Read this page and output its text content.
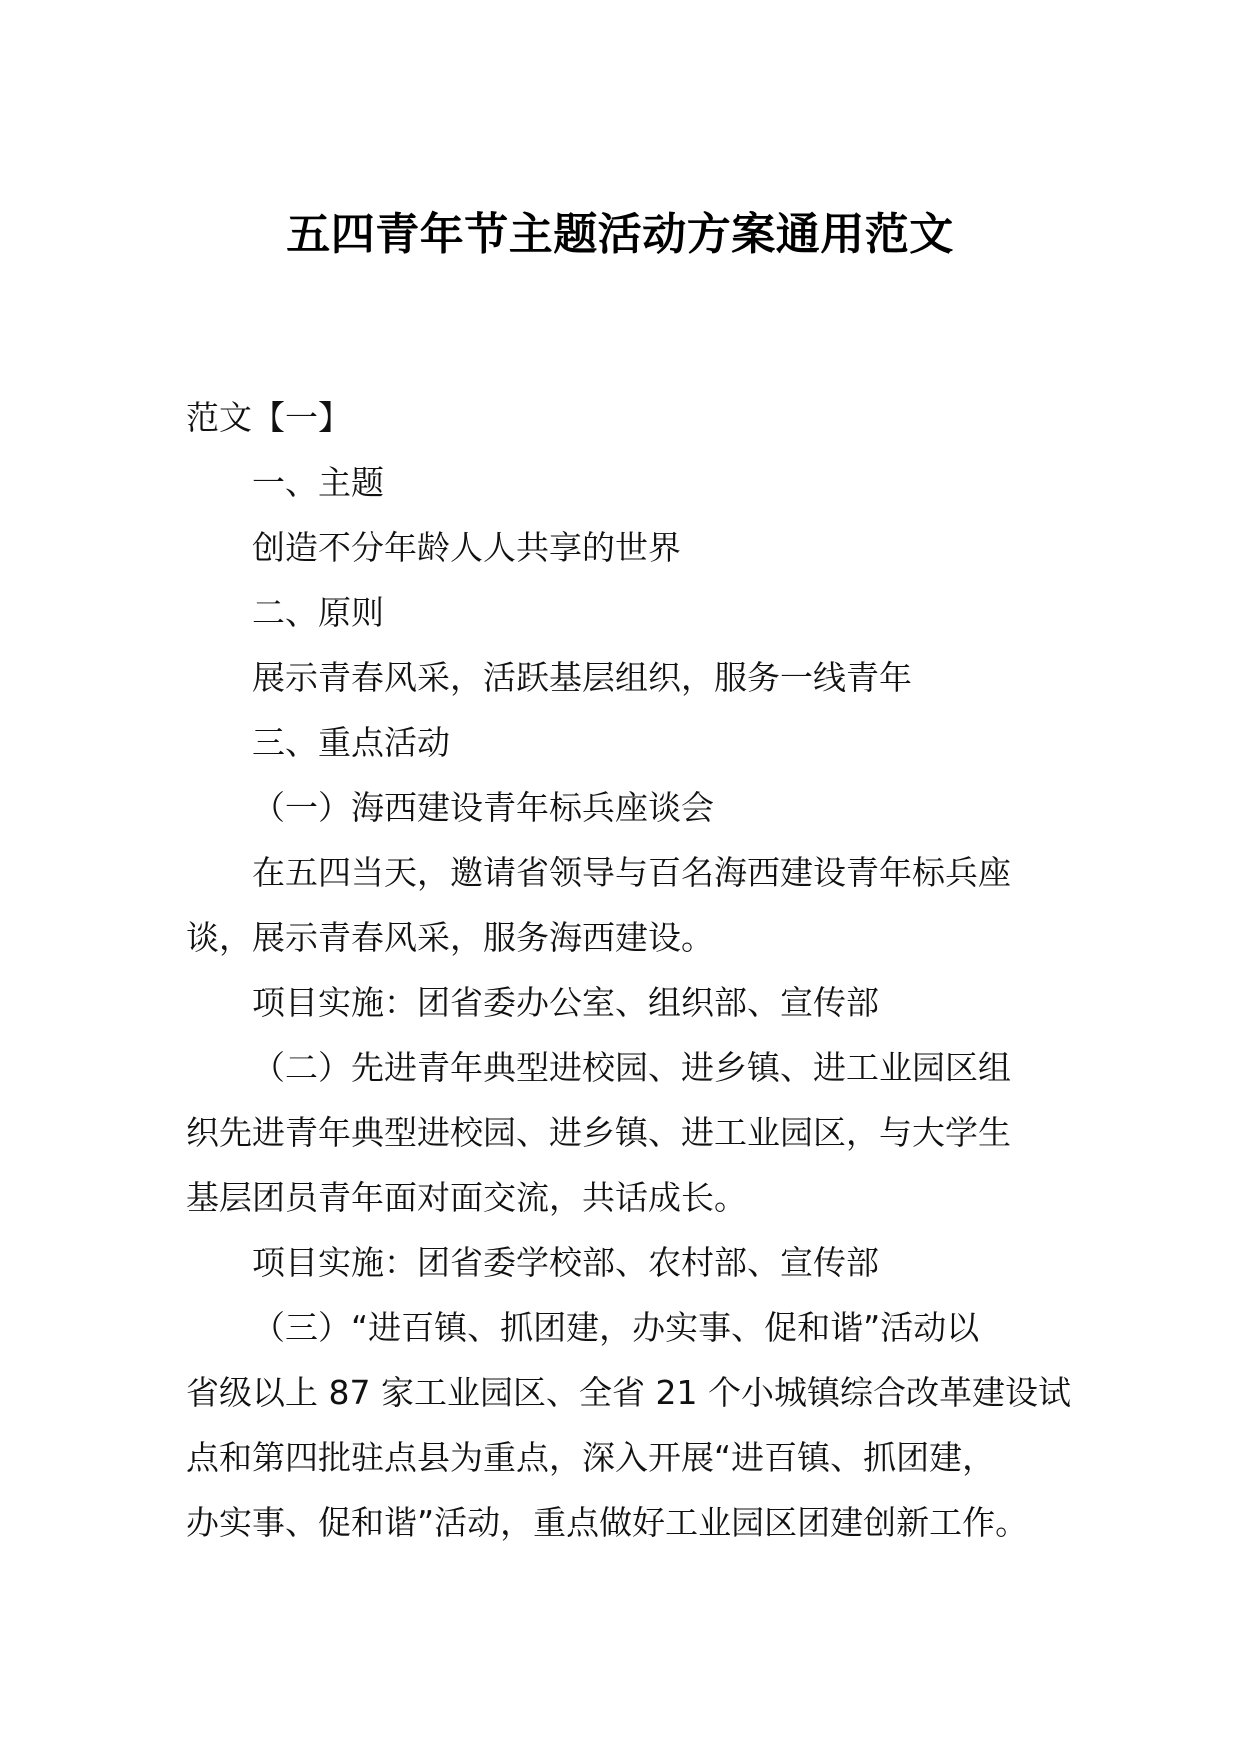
五四青年节主题活动方案通用范文

范文【一】

一、主题

创造不分年龄人人共享的世界

二、原则

展示青春风采，活跃基层组织，服务一线青年

三、重点活动

（一）海西建设青年标兵座谈会

在五四当天，邀请省领导与百名海西建设青年标兵座

谈，展示青春风采，服务海西建设。

项目实施：团省委办公室、组织部、宣传部

（二）先进青年典型进校园、进乡镇、进工业园区组

织先进青年典型进校园、进乡镇、进工业园区，与大学生

基层团员青年面对面交流，共话成长。

项目实施：团省委学校部、农村部、宣传部

（三）“进百镇、抓团建，办实事、促和谐”活动以

省级以上 87 家工业园区、全省 21 个小城镇综合改革建设试

点和第四批驻点县为重点，深入开展“进百镇、抓团建，

办实事、促和谐”活动，重点做好工业园区团建创新工作。
